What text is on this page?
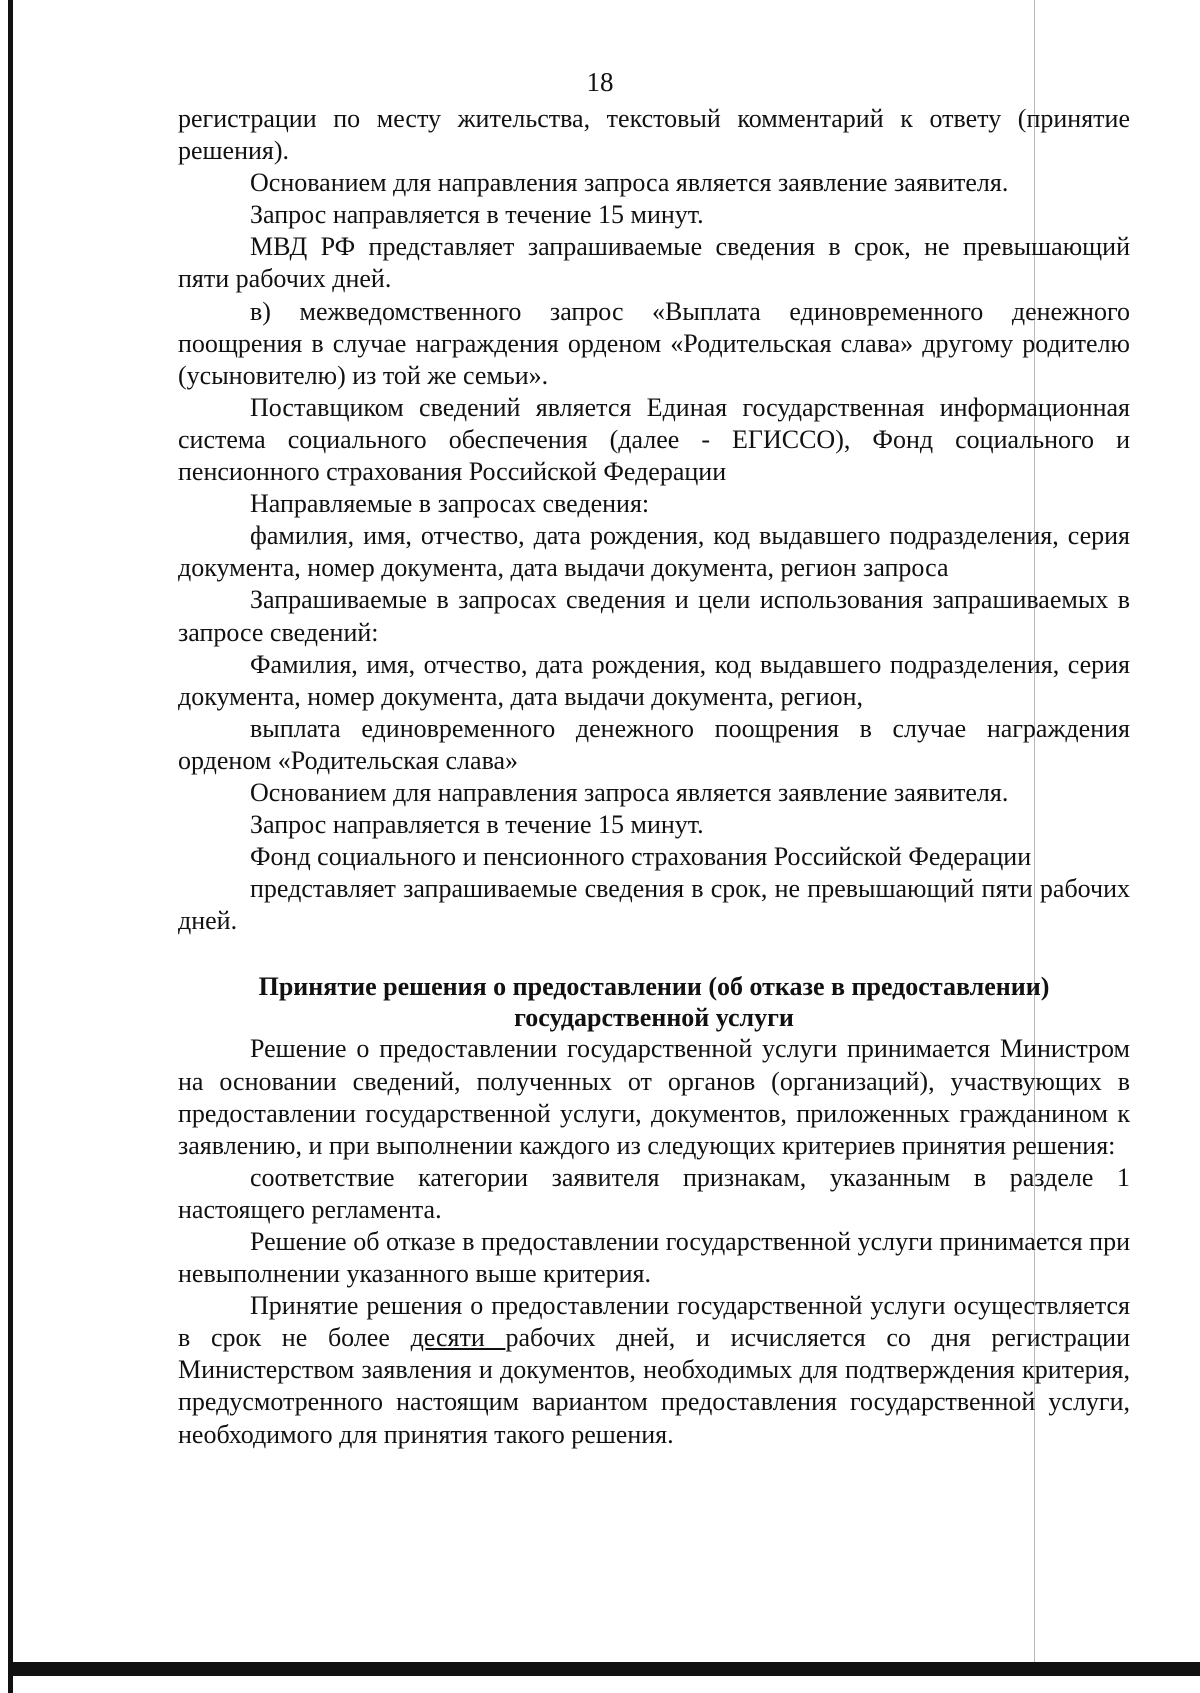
18

регистрации по месту жительства, текстовый комментарий к ответу (принятие решения).

Основанием для направления запроса является заявление заявителя.

Запрос направляется в течение 15 минут.

МВД РФ представляет запрашиваемые сведения в срок, не превышающий пяти рабочих дней.

в) межведомственного запрос «Выплата единовременного денежного поощрения в случае награждения орденом «Родительская слава» другому родителю (усыновителю) из той же семьи».

Поставщиком сведений является Единая государственная информационная система социального обеспечения (далее - ЕГИССО), Фонд социального и пенсионного страхования Российской Федерации

Направляемые в запросах сведения:

фамилия, имя, отчество, дата рождения, код выдавшего подразделения, серия документа, номер документа, дата выдачи документа, регион запроса

Запрашиваемые в запросах сведения и цели использования запрашиваемых в запросе сведений:

Фамилия, имя, отчество, дата рождения, код выдавшего подразделения, серия документа, номер документа, дата выдачи документа, регион,

выплата единовременного денежного поощрения в случае награждения орденом «Родительская слава»

Основанием для направления запроса является заявление заявителя.

Запрос направляется в течение 15 минут.

Фонд социального и пенсионного страхования Российской Федерации

представляет запрашиваемые сведения в срок, не превышающий пяти рабочих дней.

Принятие решения о предоставлении (об отказе в предоставлении)
государственной услуги

Решение о предоставлении государственной услуги принимается Министром на основании сведений, полученных от органов (организаций), участвующих в предоставлении государственной услуги, документов, приложенных гражданином к заявлению, и при выполнении каждого из следующих критериев принятия решения:

соответствие категории заявителя признакам, указанным в разделе 1 настоящего регламента.

Решение об отказе в предоставлении государственной услуги принимается при невыполнении указанного выше критерия.

Принятие решения о предоставлении государственной услуги осуществляется в срок не более десяти рабочих дней, и исчисляется со дня регистрации Министерством заявления и документов, необходимых для подтверждения критерия, предусмотренного настоящим вариантом предоставления государственной услуги, необходимого для принятия такого решения.
